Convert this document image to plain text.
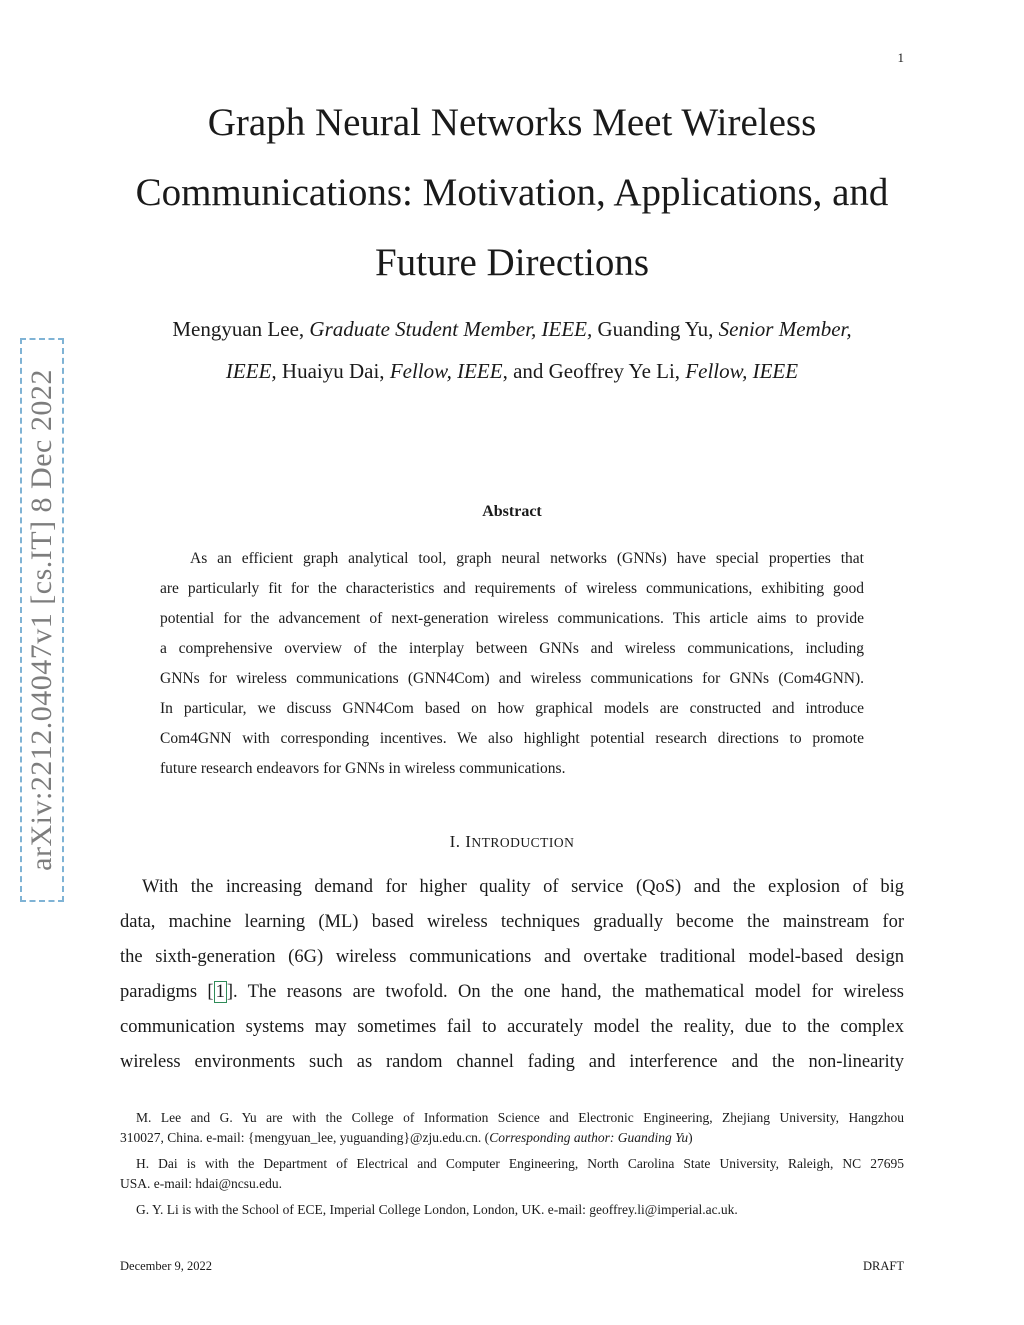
1
arXiv:2212.04047v1 [cs.IT] 8 Dec 2022
Graph Neural Networks Meet Wireless
Communications: Motivation, Applications, and
Future Directions
Mengyuan Lee, Graduate Student Member, IEEE, Guanding Yu, Senior Member,
IEEE, Huaiyu Dai, Fellow, IEEE, and Geoffrey Ye Li, Fellow, IEEE
Abstract
As an efficient graph analytical tool, graph neural networks (GNNs) have special properties that
are particularly fit for the characteristics and requirements of wireless communications, exhibiting good
potential for the advancement of next-generation wireless communications. This article aims to provide
a comprehensive overview of the interplay between GNNs and wireless communications, including
GNNs for wireless communications (GNN4Com) and wireless communications for GNNs (Com4GNN).
In particular, we discuss GNN4Com based on how graphical models are constructed and introduce
Com4GNN with corresponding incentives. We also highlight potential research directions to promote
future research endeavors for GNNs in wireless communications.
I. INTRODUCTION
With the increasing demand for higher quality of service (QoS) and the explosion of big
data, machine learning (ML) based wireless techniques gradually become the mainstream for
the sixth-generation (6G) wireless communications and overtake traditional model-based design
paradigms [ 1 ]. The reasons are twofold. On the one hand, the mathematical model for wireless
communication systems may sometimes fail to accurately model the reality, due to the complex
wireless environments such as random channel fading and interference and the non-linearity
M. Lee and G. Yu are with the College of Information Science and Electronic Engineering, Zhejiang University, Hangzhou
310027, China. e-mail: {mengyuan_lee, yuguanding}@zju.edu.cn. (Corresponding author: Guanding Yu)
H. Dai is with the Department of Electrical and Computer Engineering, North Carolina State University, Raleigh, NC 27695
USA. e-mail: hdai@ncsu.edu.
G. Y. Li is with the School of ECE, Imperial College London, London, UK. e-mail: geoffrey.li@imperial.ac.uk.
December 9, 2022	DRAFT
